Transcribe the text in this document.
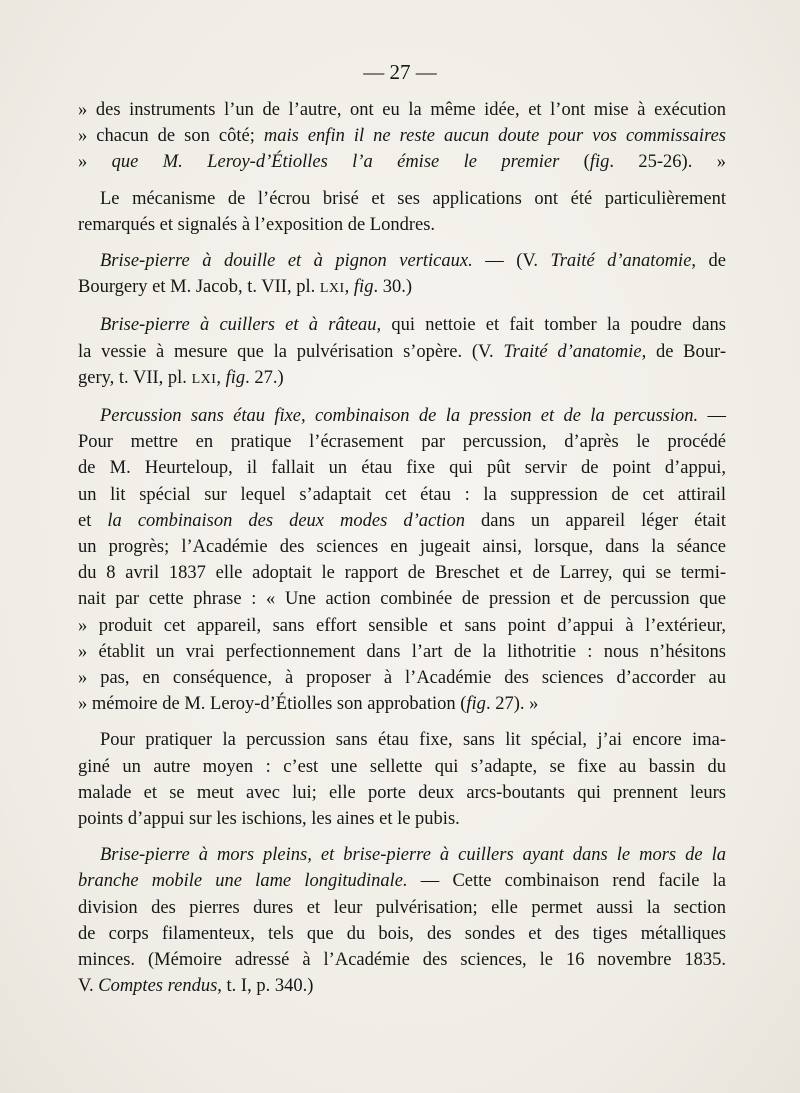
— 27 —
» des instruments l’un de l’autre, ont eu la même idée, et l’ont mise à exécution
» chacun de son côté; mais enfin il ne reste aucun doute pour vos commissaires
» que M. Leroy-d’Étiolles l’a émise le premier (fig. 25-26). »
Le mécanisme de l’écrou brisé et ses applications ont été particulièrement
remarqués et signalés à l’exposition de Londres.
Brise-pierre à douille et à pignon verticaux. — (V. Traité d’anatomie, de
Bourgery et M. Jacob, t. VII, pl. LXI, fig. 30.)
Brise-pierre à cuillers et à râteau, qui nettoie et fait tomber la poudre dans
la vessie à mesure que la pulvérisation s’opère. (V. Traité d’anatomie, de Bour-
gery, t. VII, pl. LXI, fig. 27.)
Percussion sans étau fixe, combinaison de la pression et de la percussion. —
Pour mettre en pratique l’écrasement par percussion, d’après le procédé
de M. Heurteloup, il fallait un étau fixe qui pût servir de point d’appui,
un lit spécial sur lequel s’adaptait cet étau : la suppression de cet attirail
et la combinaison des deux modes d’action dans un appareil léger était
un progrès; l’Académie des sciences en jugeait ainsi, lorsque, dans la séance
du 8 avril 1837 elle adoptait le rapport de Breschet et de Larrey, qui se termi-
nait par cette phrase : « Une action combinée de pression et de percussion que
» produit cet appareil, sans effort sensible et sans point d’appui à l’extérieur,
» établit un vrai perfectionnement dans l’art de la lithotritie : nous n’hésitons
» pas, en conséquence, à proposer à l’Académie des sciences d’accorder au
» mémoire de M. Leroy-d’Étiolles son approbation (fig. 27). »
Pour pratiquer la percussion sans étau fixe, sans lit spécial, j’ai encore ima-
giné un autre moyen : c’est une sellette qui s’adapte, se fixe au bassin du
malade et se meut avec lui; elle porte deux arcs-boutants qui prennent leurs
points d’appui sur les ischions, les aines et le pubis.
Brise-pierre à mors pleins, et brise-pierre à cuillers ayant dans le mors de la
branche mobile une lame longitudinale. — Cette combinaison rend facile la
division des pierres dures et leur pulvérisation; elle permet aussi la section
de corps filamenteux, tels que du bois, des sondes et des tiges métalliques
minces. (Mémoire adressé à l’Académie des sciences, le 16 novembre 1835.
V. Comptes rendus, t. I, p. 340.)
